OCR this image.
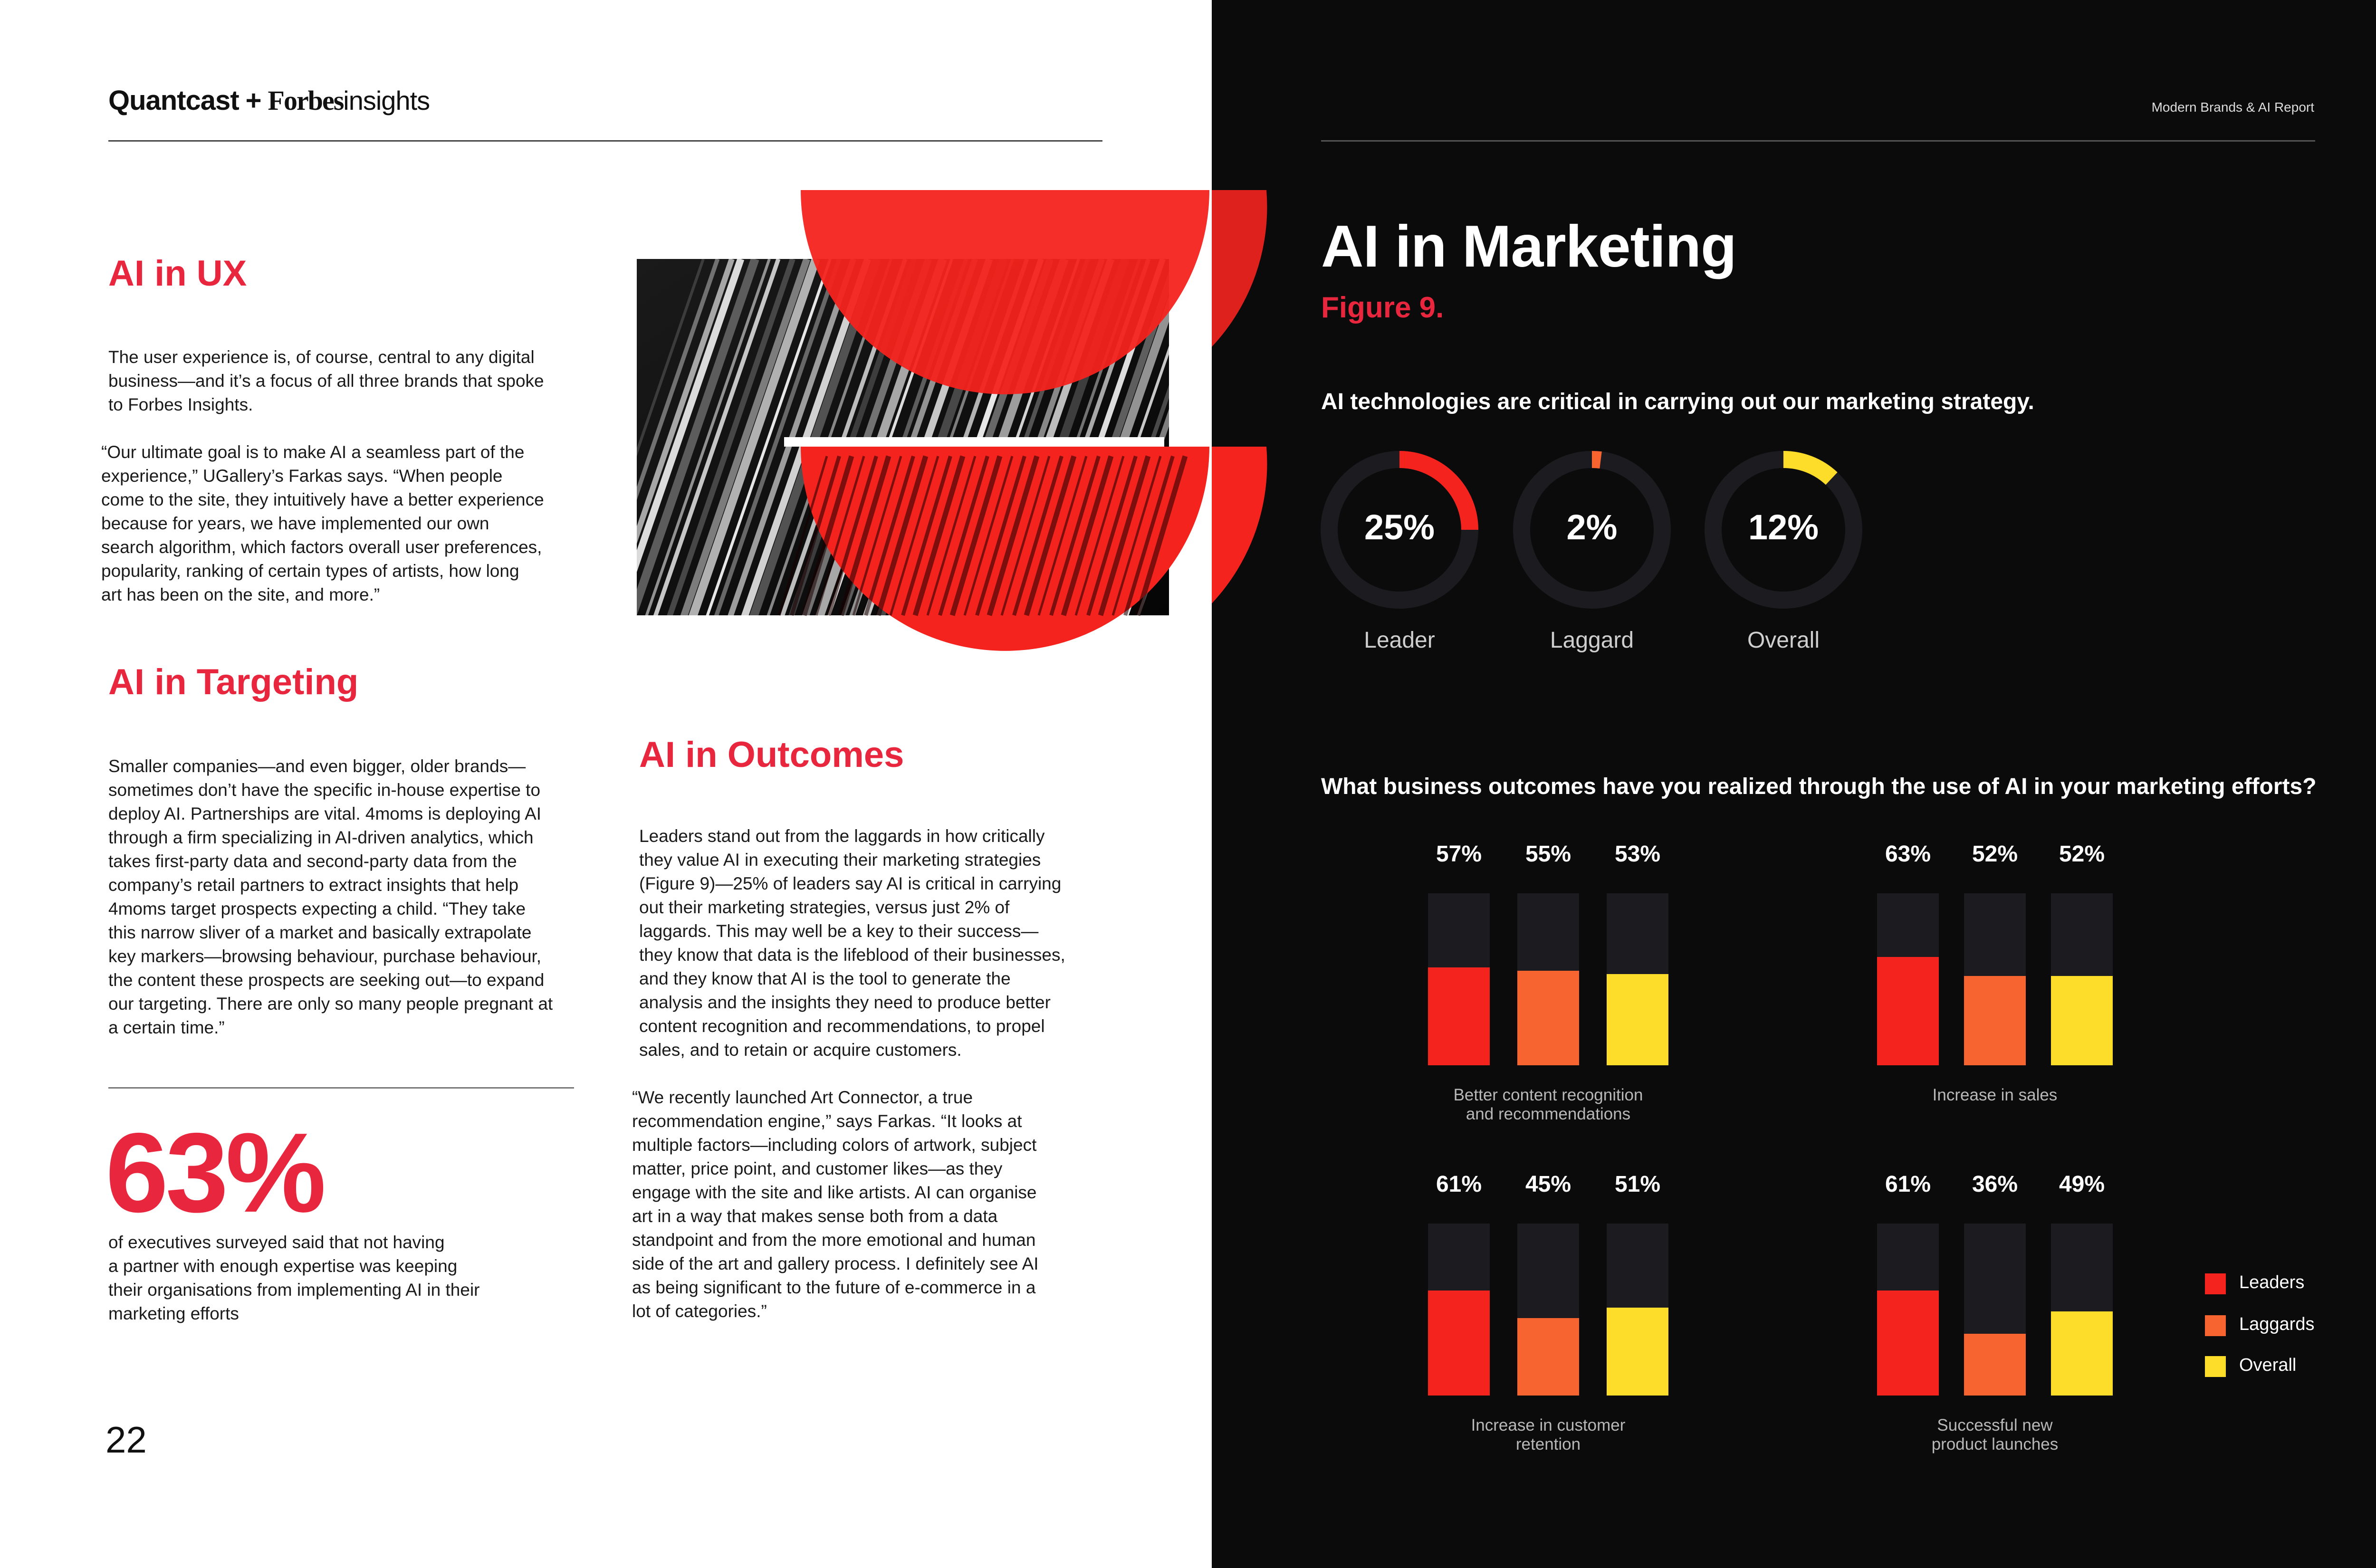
Quantcast + Forbesinsights
AI in UX
The user experience is, of course, central to any digital
business—and it’s a focus of all three brands that spoke
to Forbes Insights.
“Our ultimate goal is to make AI a seamless part of the
experience,” UGallery’s Farkas says. “When people
come to the site, they intuitively have a better experience
because for years, we have implemented our own
search algorithm, which factors overall user preferences,
popularity, ranking of certain types of artists, how long
art has been on the site, and more.”
AI in Targeting
Smaller companies—and even bigger, older brands—
sometimes don’t have the specific in-house expertise to
deploy AI. Partnerships are vital. 4moms is deploying AI
through a firm specializing in AI-driven analytics, which
takes first-party data and second-party data from the
company’s retail partners to extract insights that help
4moms target prospects expecting a child. “They take
this narrow sliver of a market and basically extrapolate
key markers—browsing behaviour, purchase behaviour,
the content these prospects are seeking out—to expand
our targeting. There are only so many people pregnant at
a certain time.”
63%
of executives surveyed said that not having
a partner with enough expertise was keeping
their organisations from implementing AI in their
marketing efforts
AI in Outcomes
Leaders stand out from the laggards in how critically
they value AI in executing their marketing strategies
(Figure 9)—25% of leaders say AI is critical in carrying
out their marketing strategies, versus just 2% of
laggards. This may well be a key to their success—
they know that data is the lifeblood of their businesses,
and they know that AI is the tool to generate the
analysis and the insights they need to produce better
content recognition and recommendations, to propel
sales, and to retain or acquire customers.
“We recently launched Art Connector, a true
recommendation engine,” says Farkas. “It looks at
multiple factors—including colors of artwork, subject
matter, price point, and customer likes—as they
engage with the site and like artists. AI can organise
art in a way that makes sense both from a data
standpoint and from the more emotional and human
side of the art and gallery process. I definitely see AI
as being significant to the future of e-commerce in a
lot of categories.”
22
Modern Brands & AI Report
AI in Marketing
Figure 9.
AI technologies are critical in carrying out our marketing strategy.
25%
Leader
2%
Laggard
12%
Overall
What business outcomes have you realized through the use of AI in your marketing efforts?
57%	55%	53%
Better content recognition
and recommendations
63%	52%	52%
Increase in sales
61%	45%	51%
Increase in customer
retention
61%	36%	49%
Successful new
product launches
Leaders
Laggards
Overall
